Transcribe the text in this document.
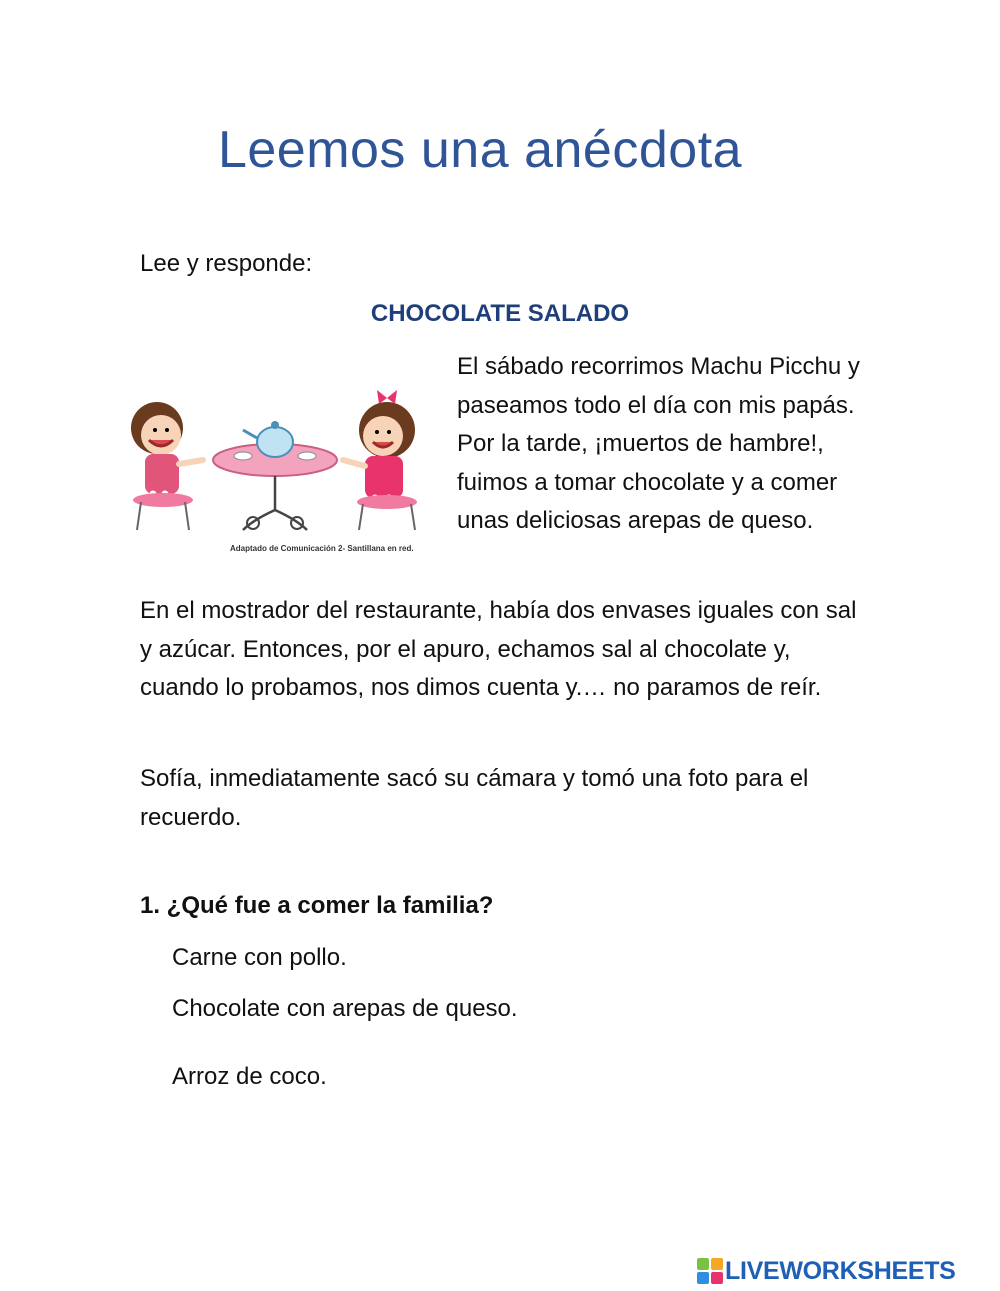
Leemos una anécdota
Lee y responde:
CHOCOLATE SALADO
Adaptado de Comunicación 2- Santillana en red.
El sábado recorrimos Machu Picchu y paseamos todo el día con mis papás. Por la tarde, ¡muertos de hambre!, fuimos a tomar chocolate y a comer unas deliciosas arepas de queso.
En el mostrador del restaurante, había dos envases iguales con sal y azúcar. Entonces, por el apuro, echamos sal al chocolate y, cuando lo probamos, nos dimos cuenta y.… no paramos de reír.
Sofía, inmediatamente sacó su cámara y tomó una foto para el recuerdo.
1. ¿Qué fue a comer la familia?
Carne con pollo.
Chocolate con arepas de queso.
Arroz de coco.
LIVEWORKSHEETS
